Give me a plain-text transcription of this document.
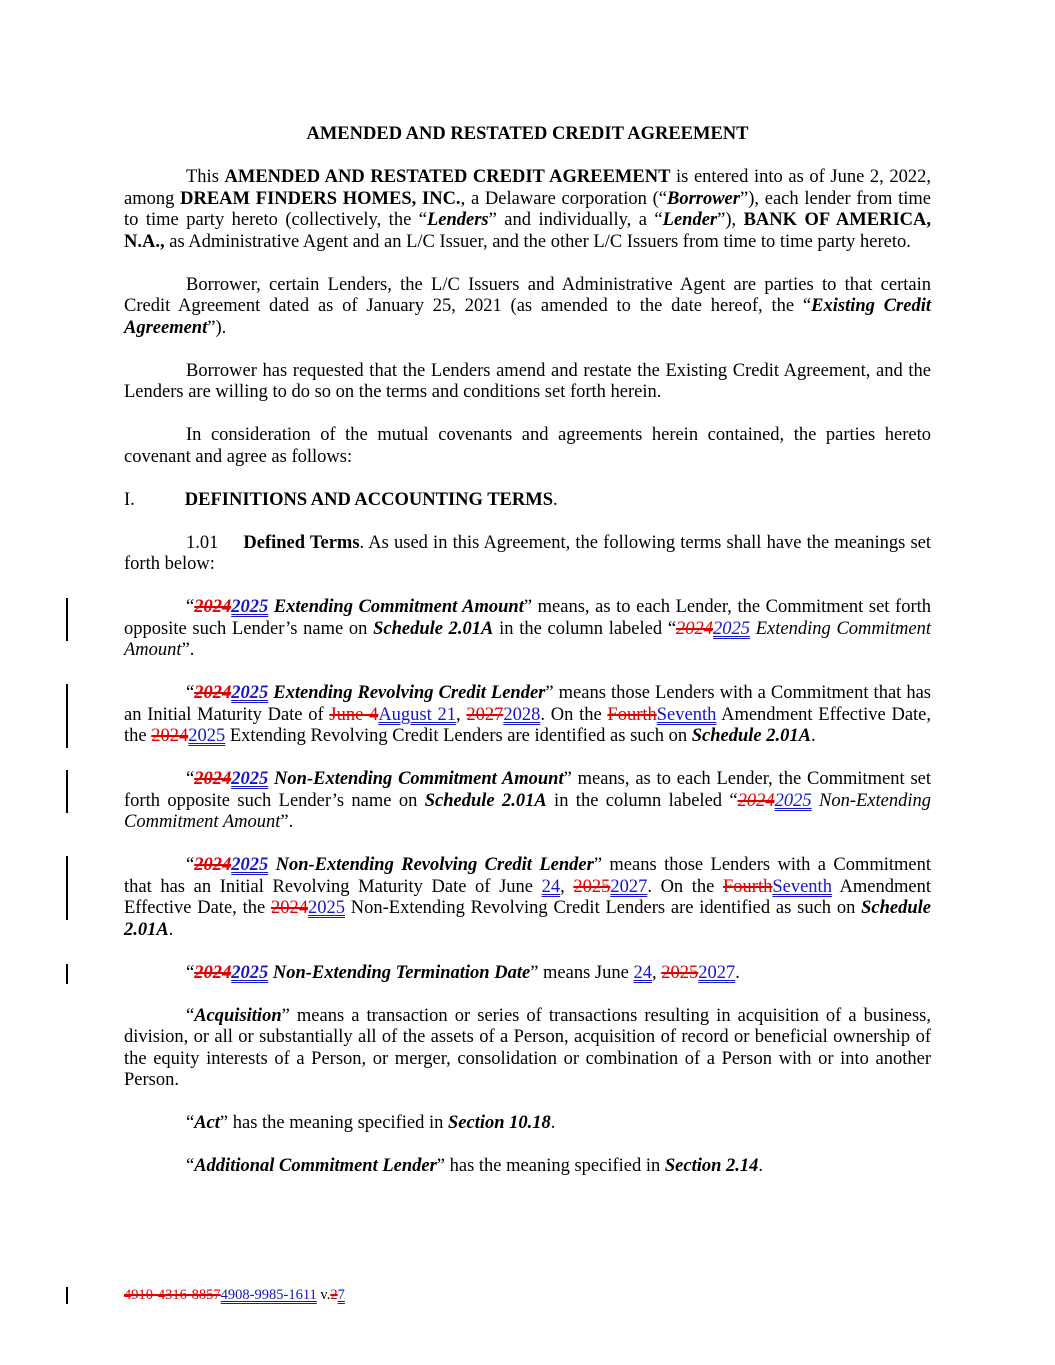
AMENDED AND RESTATED CREDIT AGREEMENT

This AMENDED AND RESTATED CREDIT AGREEMENT is entered into as of June 2, 2022, among DREAM FINDERS HOMES, INC., a Delaware corporation (“Borrower”), each lender from time to time party hereto (collectively, the “Lenders” and individually, a “Lender”), BANK OF AMERICA, N.A., as Administrative Agent and an L/C Issuer, and the other L/C Issuers from time to time party hereto.

Borrower, certain Lenders, the L/C Issuers and Administrative Agent are parties to that certain Credit Agreement dated as of January 25, 2021 (as amended to the date hereof, the “Existing Credit Agreement”).

Borrower has requested that the Lenders amend and restate the Existing Credit Agreement, and the Lenders are willing to do so on the terms and conditions set forth herein.

In consideration of the mutual covenants and agreements herein contained, the parties hereto covenant and agree as follows:

I.	DEFINITIONS AND ACCOUNTING TERMS.

1.01 Defined Terms. As used in this Agreement, the following terms shall have the meanings set forth below:

“20242025 Extending Commitment Amount” means, as to each Lender, the Commitment set forth opposite such Lender’s name on Schedule 2.01A in the column labeled “20242025 Extending Commitment Amount”.

“20242025 Extending Revolving Credit Lender” means those Lenders with a Commitment that has an Initial Maturity Date of June 4August 21, 20272028. On the FourthSeventh Amendment Effective Date, the 20242025 Extending Revolving Credit Lenders are identified as such on Schedule 2.01A.

“20242025 Non-Extending Commitment Amount” means, as to each Lender, the Commitment set forth opposite such Lender’s name on Schedule 2.01A in the column labeled “20242025 Non-Extending Commitment Amount”.

“20242025 Non-Extending Revolving Credit Lender” means those Lenders with a Commitment that has an Initial Revolving Maturity Date of June 24, 20252027. On the FourthSeventh Amendment Effective Date, the 20242025 Non-Extending Revolving Credit Lenders are identified as such on Schedule 2.01A.

“20242025 Non-Extending Termination Date” means June 24, 20252027.

“Acquisition” means a transaction or series of transactions resulting in acquisition of a business, division, or all or substantially all of the assets of a Person, acquisition of record or beneficial ownership of the equity interests of a Person, or merger, consolidation or combination of a Person with or into another Person.

“Act” has the meaning specified in Section 10.18.

“Additional Commitment Lender” has the meaning specified in Section 2.14.

4910-4316-88574908-9985-1611 v.27
